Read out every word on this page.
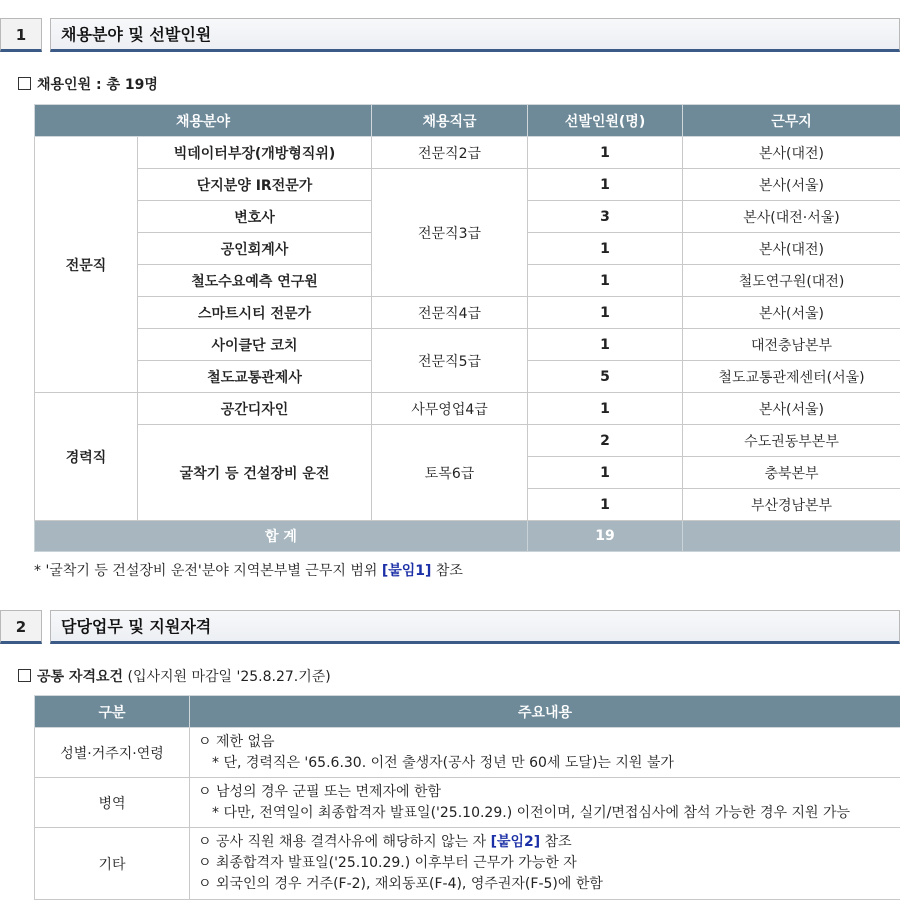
1	채용분야 및 선발인원
채용인원 : 총 19명
채용분야		채용직급	선발인원(명)	근무지
전문직	빅데이터부장(개방형직위)	전문직2급	1	본사(대전)
	단지분양 IR전문가	전문직3급	1	본사(서울)
	변호사		3	본사(대전·서울)
	공인회계사		1	본사(대전)
	철도수요예측 연구원		1	철도연구원(대전)
	스마트시티 전문가	전문직4급	1	본사(서울)
	사이클단 코치	전문직5급	1	대전충남본부
	철도교통관제사		5	철도교통관제센터(서울)
경력직	공간디자인	사무영업4급	1	본사(서울)
	굴착기 등 건설장비 운전	토목6급	2	수도권동부본부
			1	충북본부
			1	부산경남본부
합 계			19	
* '굴착기 등 건설장비 운전'분야 지역본부별 근무지 범위 [붙임1] 참조
2	담당업무 및 지원자격
공통 자격요건 (입사지원 마감일 '25.8.27.기준)
구분	주요내용
성별·거주지·연령	ㅇ 제한 없음
* 단, 경력직은 '65.6.30. 이전 출생자(공사 정년 만 60세 도달)는 지원 불가

병역	ㅇ 남성의 경우 군필 또는 면제자에 한함
* 다만, 전역일이 최종합격자 발표일('25.10.29.) 이전이며, 실기/면접심사에 참석 가능한 경우 지원 가능

기타	ㅇ 공사 직원 채용 결격사유에 해당하지 않는 자 [붙임2] 참조
ㅇ 최종합격자 발표일('25.10.29.) 이후부터 근무가 가능한 자
ㅇ 외국인의 경우 거주(F-2), 재외동포(F-4), 영주권자(F-5)에 한함
